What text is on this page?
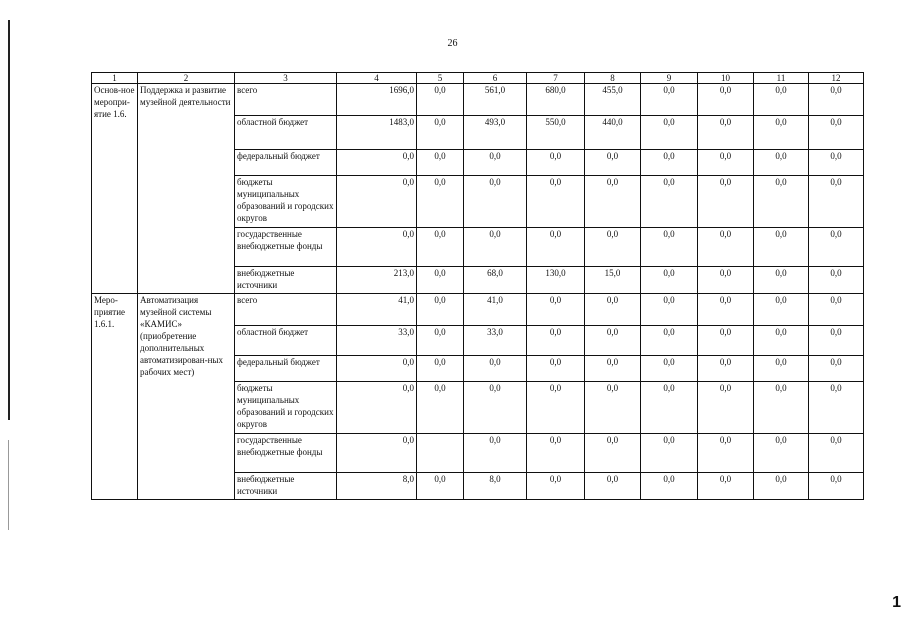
26
1
1	2	3	4	5	6	7	8	9	10	11	12
Основ-ное меропри-ятие 1.6.	Поддержка и развитие музейной деятельности	всего	1696,0	0,0	561,0	680,0	455,0	0,0	0,0	0,0	0,0
		областной бюджет	1483,0	0,0	493,0	550,0	440,0	0,0	0,0	0,0	0,0
		федеральный бюджет	0,0	0,0	0,0	0,0	0,0	0,0	0,0	0,0	0,0
		бюджеты муниципальных образований и городских округов	0,0	0,0	0,0	0,0	0,0	0,0	0,0	0,0	0,0
		государственные внебюджетные фонды	0,0	0,0	0,0	0,0	0,0	0,0	0,0	0,0	0,0
		внебюджетные источники	213,0	0,0	68,0	130,0	15,0	0,0	0,0	0,0	0,0
Меро-приятие 1.6.1.	Автоматизация музейной системы «КАМИС» (приобретение дополнительных автоматизирован-ных рабочих мест)	всего	41,0	0,0	41,0	0,0	0,0	0,0	0,0	0,0	0,0
		областной бюджет	33,0	0,0	33,0	0,0	0,0	0,0	0,0	0,0	0,0
		федеральный бюджет	0,0	0,0	0,0	0,0	0,0	0,0	0,0	0,0	0,0
		бюджеты муниципальных образований и городских округов	0,0	0,0	0,0	0,0	0,0	0,0	0,0	0,0	0,0
		государственные внебюджетные фонды	0,0		0,0	0,0	0,0	0,0	0,0	0,0	0,0
		внебюджетные источники	8,0	0,0	8,0	0,0	0,0	0,0	0,0	0,0	0,0
